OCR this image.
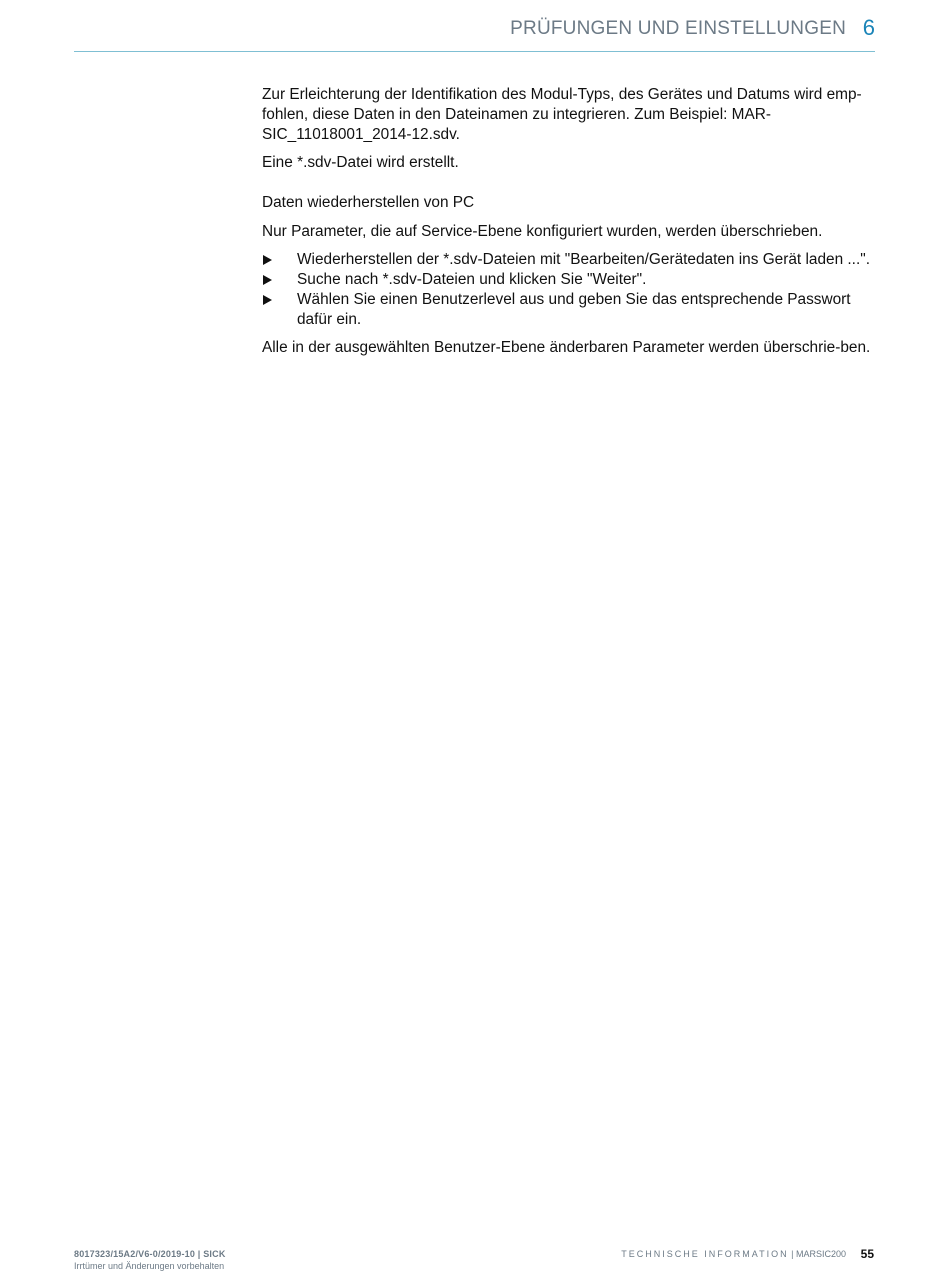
PRÜFUNGEN UND EINSTELLUNGEN 6

Zur Erleichterung der Identifikation des Modul-Typs, des Gerätes und Datums wird emp-fohlen, diese Daten in den Dateinamen zu integrieren. Zum Beispiel: MAR-SIC_11018001_2014-12.sdv.

Eine *.sdv-Datei wird erstellt.

Daten wiederherstellen von PC

Nur Parameter, die auf Service-Ebene konfiguriert wurden, werden überschrieben.

Wiederherstellen der *.sdv-Dateien mit "Bearbeiten/Gerätedaten ins Gerät laden ...".
Suche nach *.sdv-Dateien und klicken Sie "Weiter".
Wählen Sie einen Benutzerlevel aus und geben Sie das entsprechende Passwort dafür ein.

Alle in der ausgewählten Benutzer-Ebene änderbaren Parameter werden überschrie-ben.

8017323/15A2/V6-0/2019-10 | SICK
Irrtümer und Änderungen vorbehalten
TECHNISCHE INFORMATION | MARSIC200 55
